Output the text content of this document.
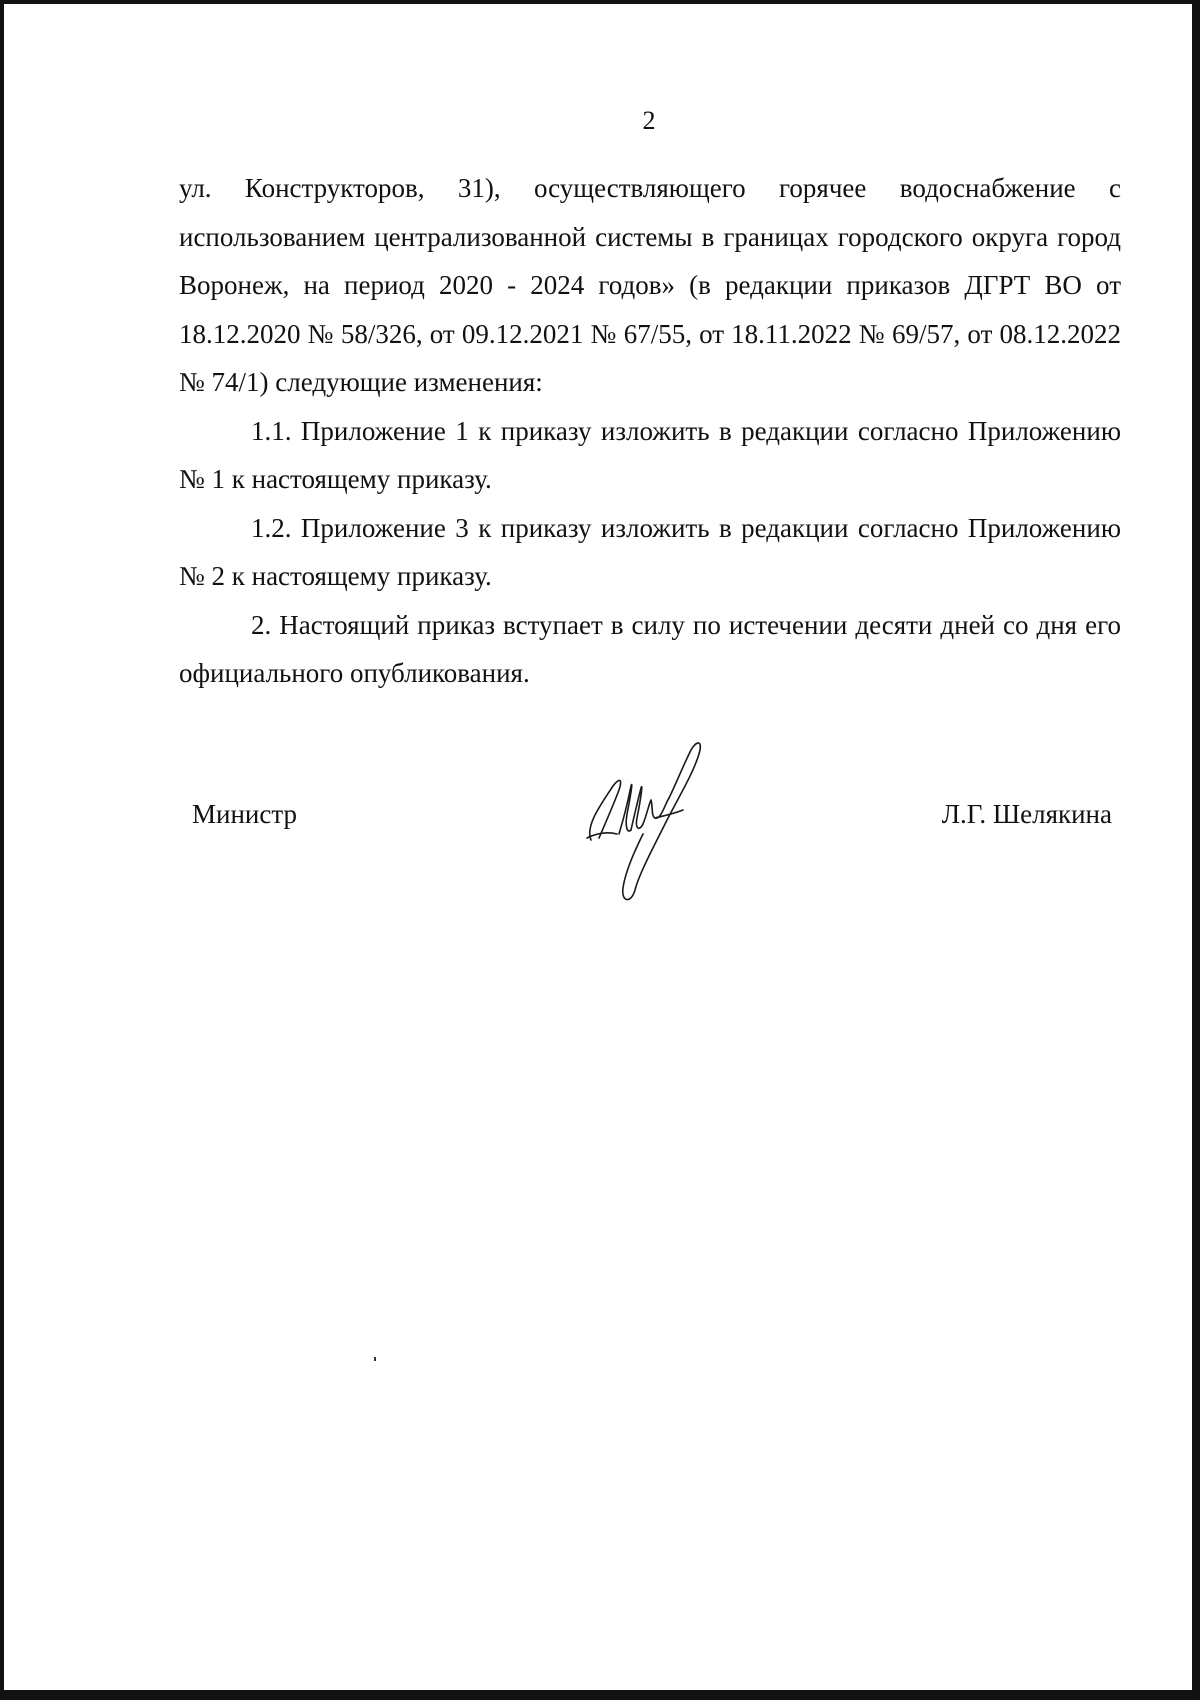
2

ул. Конструкторов, 31), осуществляющего горячее водоснабжение с использованием централизованной системы в границах городского округа город Воронеж, на период 2020 - 2024 годов» (в редакции приказов ДГРТ ВО от 18.12.2020 № 58/326, от 09.12.2021 № 67/55, от 18.11.2022 № 69/57, от 08.12.2022 № 74/1) следующие изменения:

1.1. Приложение 1 к приказу изложить в редакции согласно Приложению № 1 к настоящему приказу.

1.2. Приложение 3 к приказу изложить в редакции согласно Приложению № 2 к настоящему приказу.

2. Настоящий приказ вступает в силу по истечении десяти дней со дня его официального опубликования.

Министр	Л.Г. Шелякина
